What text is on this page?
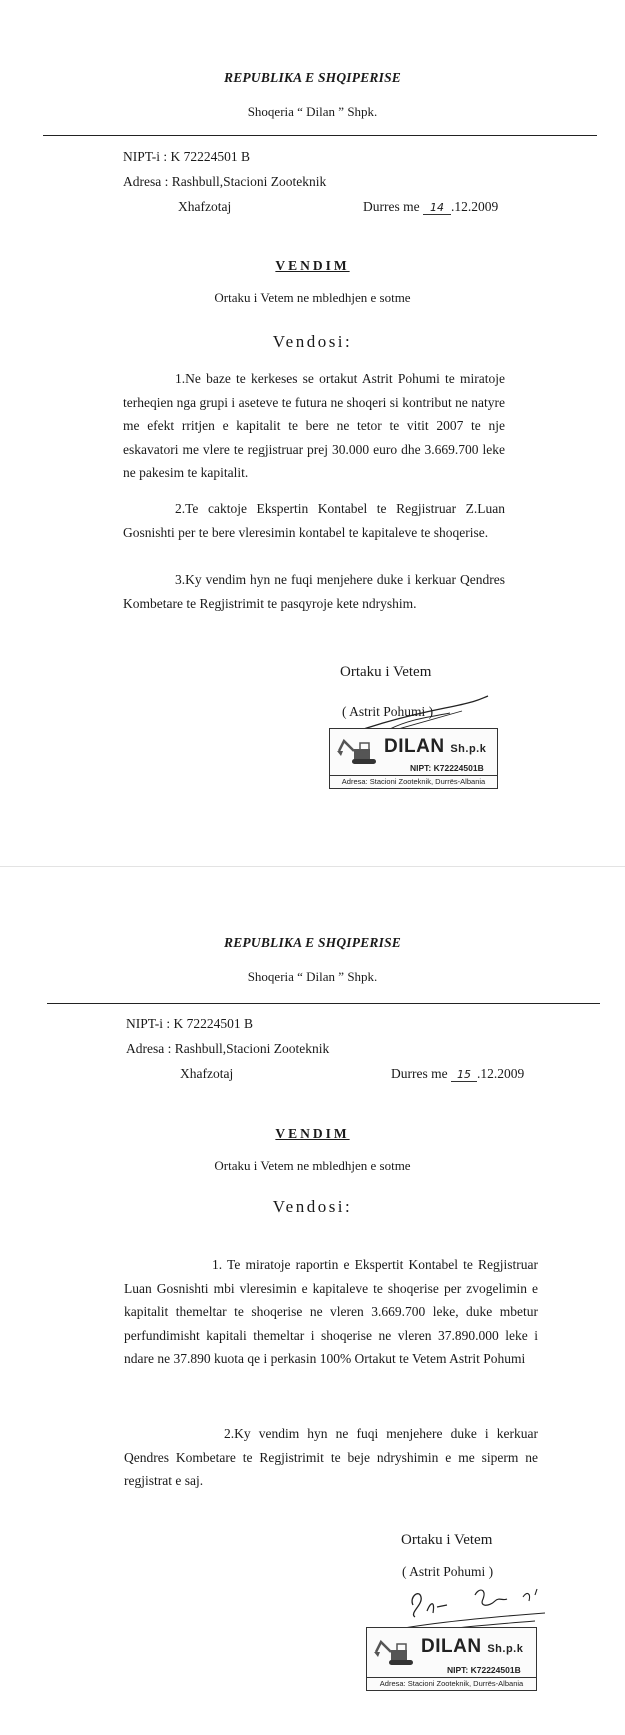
REPUBLIKA E SHQIPERISE
Shoqeria “ Dilan ” Shpk.
NIPT-i : K 72224501 B
Adresa : Rashbull,Stacioni Zooteknik
Xhafzotaj	Durres me 14 .12.2009
VENDIM
Ortaku i Vetem ne mbledhjen e sotme
Vendosi:

1.Ne baze te kerkeses se ortakut Astrit Pohumi te miratoje terheqien nga grupi i aseteve te futura ne shoqeri si kontribut ne natyre me efekt rritjen e kapitalit te bere ne tetor te vitit 2007 te nje eskavatori me vlere te regjistruar prej 30.000 euro dhe 3.669.700 leke ne pakesim te kapitalit.

2.Te caktoje Ekspertin Kontabel te Regjistruar Z.Luan Gosnishti per te bere vleresimin kontabel te kapitaleve te shoqerise.

3.Ky vendim hyn ne fuqi menjehere duke i kerkuar Qendres Kombetare te Regjistrimit te pasqyroje kete ndryshim.

Ortaku i Vetem
( Astrit Pohumi )
DILAN Sh.p.k
NIPT: K72224501B
Adresa: Stacioni Zooteknik, Durrës-Albania
REPUBLIKA E SHQIPERISE
Shoqeria “ Dilan ” Shpk.
NIPT-i : K 72224501 B
Adresa : Rashbull,Stacioni Zooteknik
Xhafzotaj	Durres me 15 .12.2009
VENDIM
Ortaku i Vetem ne mbledhjen e sotme
Vendosi:

1. Te miratoje raportin e Ekspertit Kontabel te Regjistruar Luan Gosnishti mbi vleresimin e kapitaleve te shoqerise per zvogelimin e kapitalit themeltar te shoqerise ne vleren 3.669.700 leke, duke mbetur perfundimisht kapitali themeltar i shoqerise ne vleren 37.890.000 leke i ndare ne 37.890 kuota qe i perkasin 100% Ortakut te Vetem Astrit Pohumi

2.Ky vendim hyn ne fuqi menjehere duke i kerkuar Qendres Kombetare te Regjistrimit te beje ndryshimin e me siperm ne regjistrat e saj.

Ortaku i Vetem
( Astrit Pohumi )
DILAN Sh.p.k
NIPT: K72224501B
Adresa: Stacioni Zooteknik, Durrës-Albania
